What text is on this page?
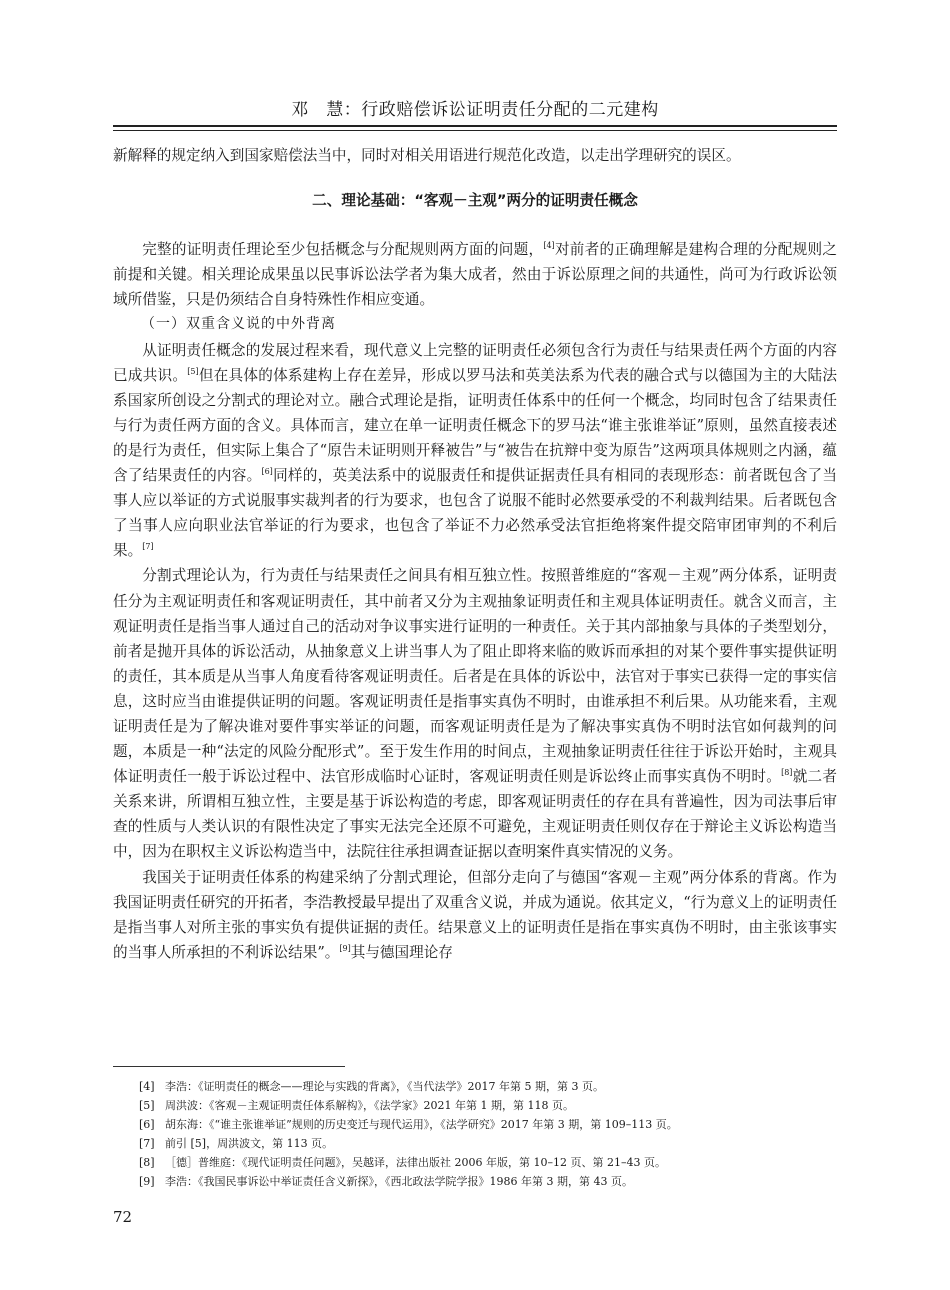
邓　慧：行政赔偿诉讼证明责任分配的二元建构

新解释的规定纳入到国家赔偿法当中，同时对相关用语进行规范化改造，以走出学理研究的误区。

二、理论基础：“客观－主观”两分的证明责任概念

完整的证明责任理论至少包括概念与分配规则两方面的问题，[4]对前者的正确理解是建构合理的分配规则之前提和关键。相关理论成果虽以民事诉讼法学者为集大成者，然由于诉讼原理之间的共通性，尚可为行政诉讼领域所借鉴，只是仍须结合自身特殊性作相应变通。

（一）双重含义说的中外背离

从证明责任概念的发展过程来看，现代意义上完整的证明责任必须包含行为责任与结果责任两个方面的内容已成共识。[5]但在具体的体系建构上存在差异，形成以罗马法和英美法系为代表的融合式与以德国为主的大陆法系国家所创设之分割式的理论对立。融合式理论是指，证明责任体系中的任何一个概念，均同时包含了结果责任与行为责任两方面的含义。具体而言，建立在单一证明责任概念下的罗马法“谁主张谁举证”原则，虽然直接表述的是行为责任，但实际上集合了“原告未证明则开释被告”与“被告在抗辩中变为原告”这两项具体规则之内涵，蕴含了结果责任的内容。[6]同样的，英美法系中的说服责任和提供证据责任具有相同的表现形态：前者既包含了当事人应以举证的方式说服事实裁判者的行为要求，也包含了说服不能时必然要承受的不利裁判结果。后者既包含了当事人应向职业法官举证的行为要求，也包含了举证不力必然承受法官拒绝将案件提交陪审团审判的不利后果。[7]

分割式理论认为，行为责任与结果责任之间具有相互独立性。按照普维庭的“客观－主观”两分体系，证明责任分为主观证明责任和客观证明责任，其中前者又分为主观抽象证明责任和主观具体证明责任。就含义而言，主观证明责任是指当事人通过自己的活动对争议事实进行证明的一种责任。关于其内部抽象与具体的子类型划分，前者是抛开具体的诉讼活动，从抽象意义上讲当事人为了阻止即将来临的败诉而承担的对某个要件事实提供证明的责任，其本质是从当事人角度看待客观证明责任。后者是在具体的诉讼中，法官对于事实已获得一定的事实信息，这时应当由谁提供证明的问题。客观证明责任是指事实真伪不明时，由谁承担不利后果。从功能来看，主观证明责任是为了解决谁对要件事实举证的问题，而客观证明责任是为了解决事实真伪不明时法官如何裁判的问题，本质是一种“法定的风险分配形式”。至于发生作用的时间点，主观抽象证明责任往往于诉讼开始时，主观具体证明责任一般于诉讼过程中、法官形成临时心证时，客观证明责任则是诉讼终止而事实真伪不明时。[8]就二者关系来讲，所谓相互独立性，主要是基于诉讼构造的考虑，即客观证明责任的存在具有普遍性，因为司法事后审查的性质与人类认识的有限性决定了事实无法完全还原不可避免，主观证明责任则仅存在于辩论主义诉讼构造当中，因为在职权主义诉讼构造当中，法院往往承担调查证据以查明案件真实情况的义务。

我国关于证明责任体系的构建采纳了分割式理论，但部分走向了与德国“客观－主观”两分体系的背离。作为我国证明责任研究的开拓者，李浩教授最早提出了双重含义说，并成为通说。依其定义，“行为意义上的证明责任是指当事人对所主张的事实负有提供证据的责任。结果意义上的证明责任是指在事实真伪不明时，由主张该事实的当事人所承担的不利诉讼结果”。[9]其与德国理论存

[4] 李浩：《证明责任的概念——理论与实践的背离》，《当代法学》2017 年第 5 期，第 3 页。
[5] 周洪波：《客观－主观证明责任体系解构》，《法学家》2021 年第 1 期，第 118 页。
[6] 胡东海：《“谁主张谁举证”规则的历史变迁与现代运用》，《法学研究》2017 年第 3 期，第 109–113 页。
[7] 前引 [5]，周洪波文，第 113 页。
[8] ［德］普维庭：《现代证明责任问题》，吴越译，法律出版社 2006 年版，第 10–12 页、第 21–43 页。
[9] 李浩：《我国民事诉讼中举证责任含义新探》，《西北政法学院学报》1986 年第 3 期，第 43 页。
72
